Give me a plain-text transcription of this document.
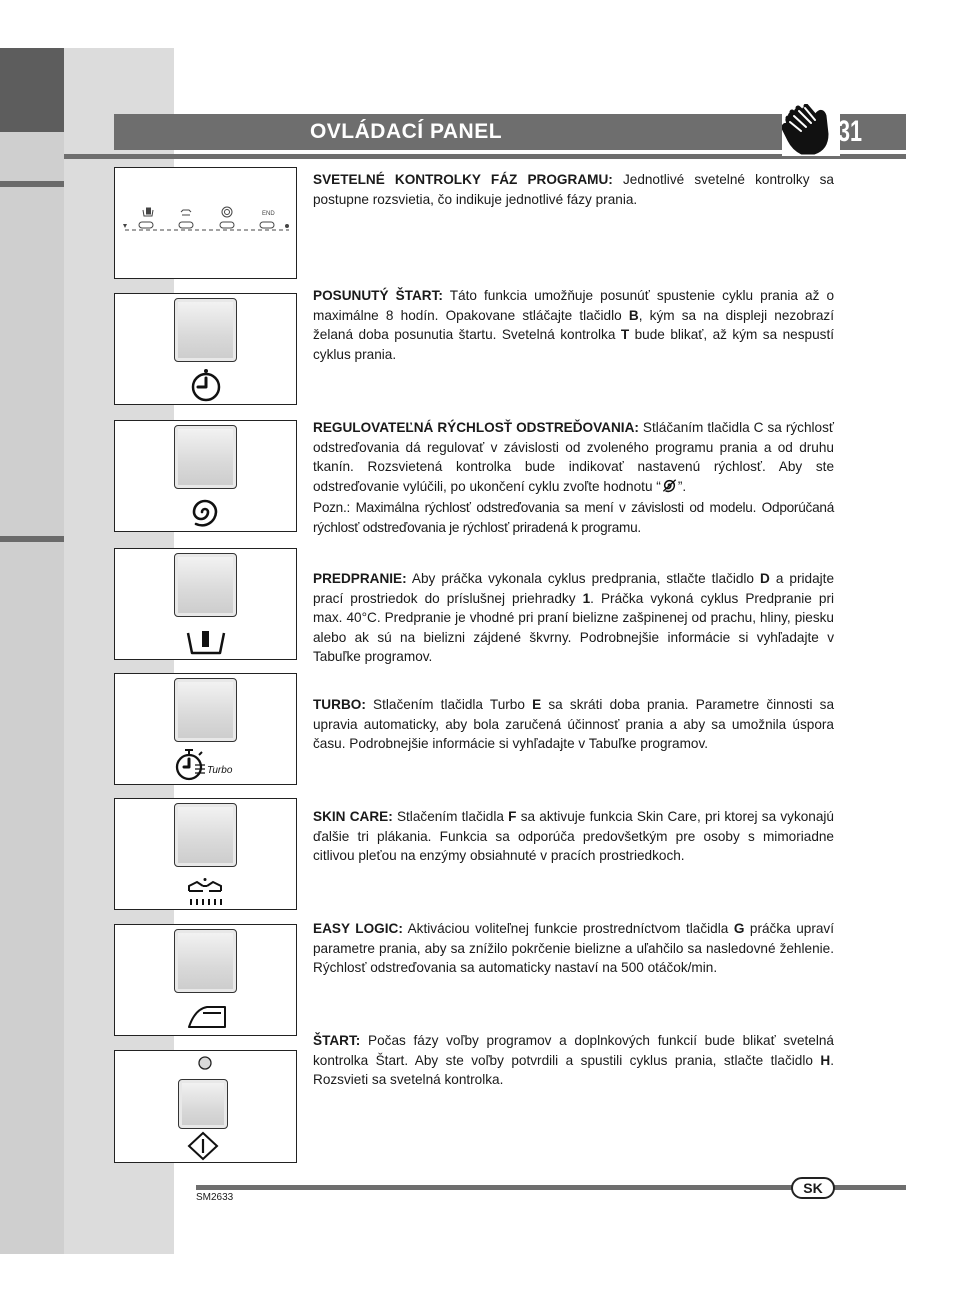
OVLÁDACÍ PANEL	31
END
Turbo
SVETELNÉ KONTROLKY FÁZ PROGRAMU: Jednotlivé svetelné kontrolky sa postupne rozsvietia, čo indikuje jednotlivé fázy prania.
POSUNUTÝ ŠTART: Táto funkcia umožňuje posunúť spustenie cyklu prania až o maximálne 8 hodín. Opakovane stláčajte tlačidlo B, kým sa na displeji nezobrazí želaná doba posunutia štartu. Svetelná kontrolka T bude blikať, až kým sa nespustí cyklus prania.
REGULOVATEĽNÁ RÝCHLOSŤ ODSTREĎOVANIA: Stláčaním tlačidla C sa rýchlosť odstreďovania dá regulovať v závislosti od zvoleného programu prania a od druhu tkanín. Rozsvietená kontrolka bude indikovať nastavenú rýchlosť. Aby ste odstreďovanie vylúčili, po ukončení cyklu zvoľte hodnotu “ ”.
Pozn.: Maximálna rýchlosť odstreďovania sa mení v závislosti od modelu. Odporúčaná rýchlosť odstreďovania je rýchlosť priradená k programu.
PREDPRANIE: Aby práčka vykonala cyklus predprania, stlačte tlačidlo D a pridajte prací prostriedok do príslušnej priehradky 1. Práčka vykoná cyklus Predpranie pri max. 40°C. Predpranie je vhodné pri praní bielizne zašpinenej od prachu, hliny, piesku alebo ak sú na bielizni zájdené škvrny. Podrobnejšie informácie si vyhľadajte v Tabuľke programov.
TURBO: Stlačením tlačidla Turbo E sa skráti doba prania. Parametre činnosti sa upravia automaticky, aby bola zaručená účinnosť prania a aby sa umožnila úspora času. Podrobnejšie informácie si vyhľadajte v Tabuľke programov.
SKIN CARE: Stlačením tlačidla F sa aktivuje funkcia Skin Care, pri ktorej sa vykonajú ďalšie tri plákania. Funkcia sa odporúča predovšetkým pre osoby s mimoriadne citlivou pleťou na enzýmy obsiahnuté v pracích prostriedkoch.
EASY LOGIC: Aktiváciou voliteľnej funkcie prostredníctvom tlačidla G práčka upraví parametre prania, aby sa znížilo pokrčenie bielizne a uľahčilo sa nasledovné žehlenie. Rýchlosť odstreďovania sa automaticky nastaví na 500 otáčok/min.
ŠTART: Počas fázy voľby programov a doplnkových funkcií bude blikať svetelná kontrolka Štart. Aby ste voľby potvrdili a spustili cyklus prania, stlačte tlačidlo H. Rozsvieti sa svetelná kontrolka.
SK
SM2633
